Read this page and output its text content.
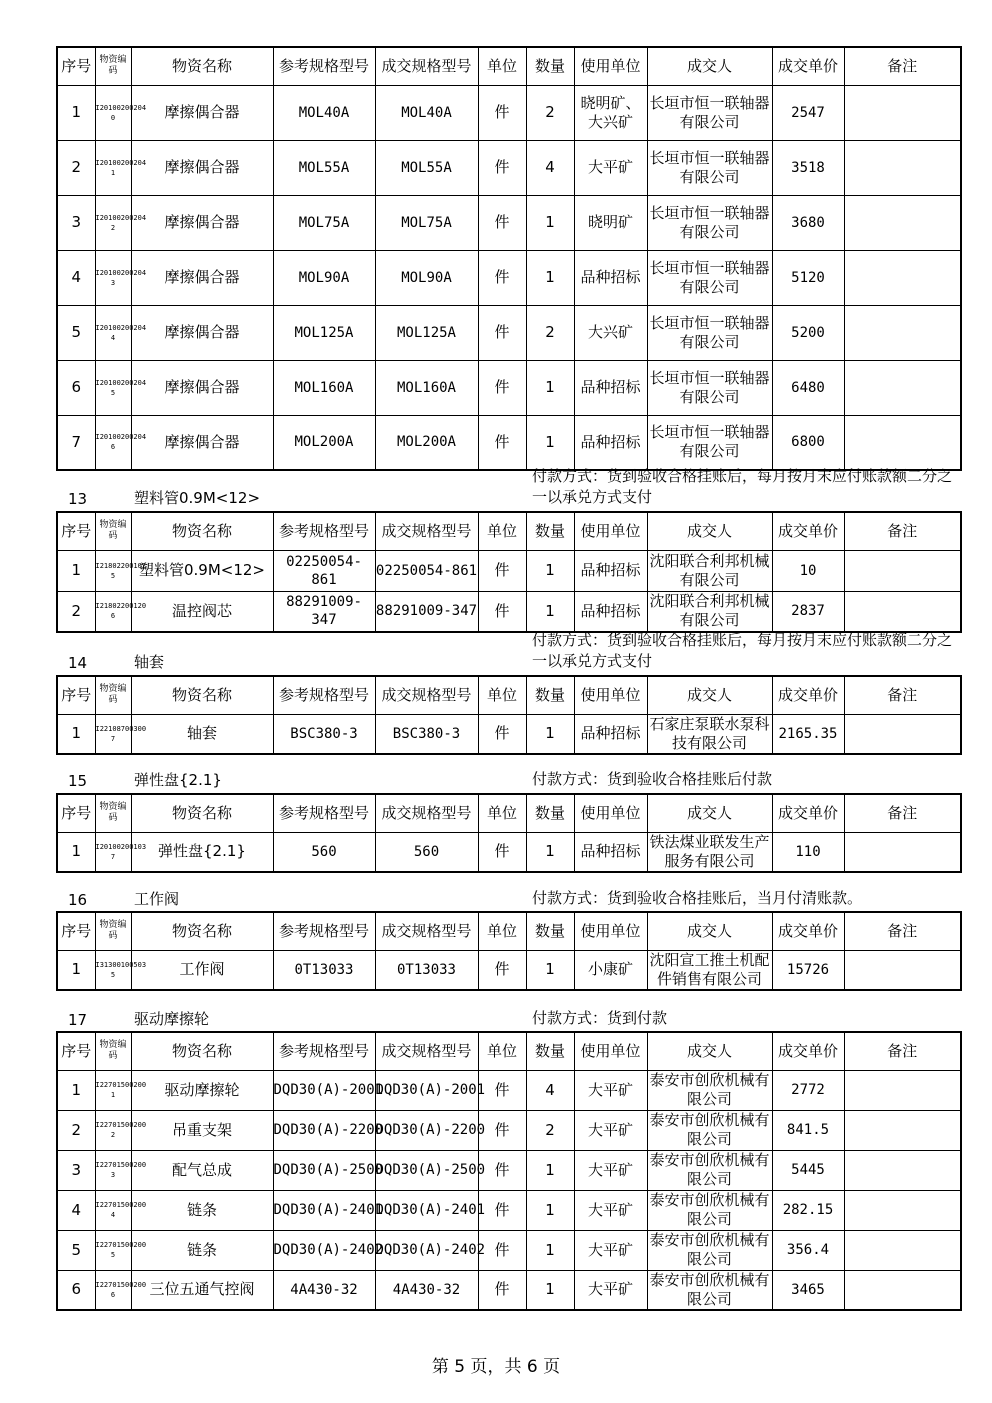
序号	物资编码	物资名称	参考规格型号	成交规格型号	单位	数量	使用单位	成交人	成交单价	备注
1	I20100200204 0	摩擦偶合器	MOL40A	MOL40A	件	2	晓明矿、大兴矿	长垣市恒一联轴器有限公司	2547	
2	I20100200204 1	摩擦偶合器	MOL55A	MOL55A	件	4	大平矿	长垣市恒一联轴器有限公司	3518	
3	I20100200204 2	摩擦偶合器	MOL75A	MOL75A	件	1	晓明矿	长垣市恒一联轴器有限公司	3680	
4	I20100200204 3	摩擦偶合器	MOL90A	MOL90A	件	1	品种招标	长垣市恒一联轴器有限公司	5120	
5	I20100200204 4	摩擦偶合器	MOL125A	MOL125A	件	2	大兴矿	长垣市恒一联轴器有限公司	5200	
6	I20100200204 5	摩擦偶合器	MOL160A	MOL160A	件	1	品种招标	长垣市恒一联轴器有限公司	6480	
7	I20100200204 6	摩擦偶合器	MOL200A	MOL200A	件	1	品种招标	长垣市恒一联轴器有限公司	6800	
13	塑料管0.9M<12>
付款方式：货到验收合格挂账后，每月按月末应付账款额二分之一以承兑方式支付
序号	物资编码	物资名称	参考规格型号	成交规格型号	单位	数量	使用单位	成交人	成交单价	备注
1	I21802200102 5	塑料管0.9M<12>	02250054-861	02250054-861	件	1	品种招标	沈阳联合利邦机械有限公司	10	
2	I21802200120 6	温控阀芯	88291009-347	88291009-347	件	1	品种招标	沈阳联合利邦机械有限公司	2837	
14	轴套
付款方式：货到验收合格挂账后，每月按月末应付账款额二分之一以承兑方式支付
序号	物资编码	物资名称	参考规格型号	成交规格型号	单位	数量	使用单位	成交人	成交单价	备注
1	I22108700300 7	轴套	BSC380-3	BSC380-3	件	1	品种招标	石家庄泵联水泵科技有限公司	2165.35	
15	弹性盘{2.1}	付款方式：货到验收合格挂账后付款
序号	物资编码	物资名称	参考规格型号	成交规格型号	单位	数量	使用单位	成交人	成交单价	备注
1	I20100200103 7	弹性盘{2.1}	560	560	件	1	品种招标	铁法煤业联发生产服务有限公司	110	
16	工作阀	付款方式：货到验收合格挂账后，当月付清账款。
序号	物资编码	物资名称	参考规格型号	成交规格型号	单位	数量	使用单位	成交人	成交单价	备注
1	I31300100503 5	工作阀	0T13033	0T13033	件	1	小康矿	沈阳宣工推土机配件销售有限公司	15726	
17	驱动摩擦轮	付款方式：货到付款
序号	物资编码	物资名称	参考规格型号	成交规格型号	单位	数量	使用单位	成交人	成交单价	备注
1	I22701500200 1	驱动摩擦轮	DQD30(A)-2001	DQD30(A)-2001	件	4	大平矿	泰安市创欣机械有限公司	2772	
2	I22701500200 2	吊重支架	DQD30(A)-2200	DQD30(A)-2200	件	2	大平矿	泰安市创欣机械有限公司	841.5	
3	I22701500200 3	配气总成	DQD30(A)-2500	DQD30(A)-2500	件	1	大平矿	泰安市创欣机械有限公司	5445	
4	I22701500200 4	链条	DQD30(A)-2401	DQD30(A)-2401	件	1	大平矿	泰安市创欣机械有限公司	282.15	
5	I22701500200 5	链条	DQD30(A)-2402	DQD30(A)-2402	件	1	大平矿	泰安市创欣机械有限公司	356.4	
6	I22701500200 6	三位五通气控阀	4A430-32	4A430-32	件	1	大平矿	泰安市创欣机械有限公司	3465	
第 5 页，共 6 页
